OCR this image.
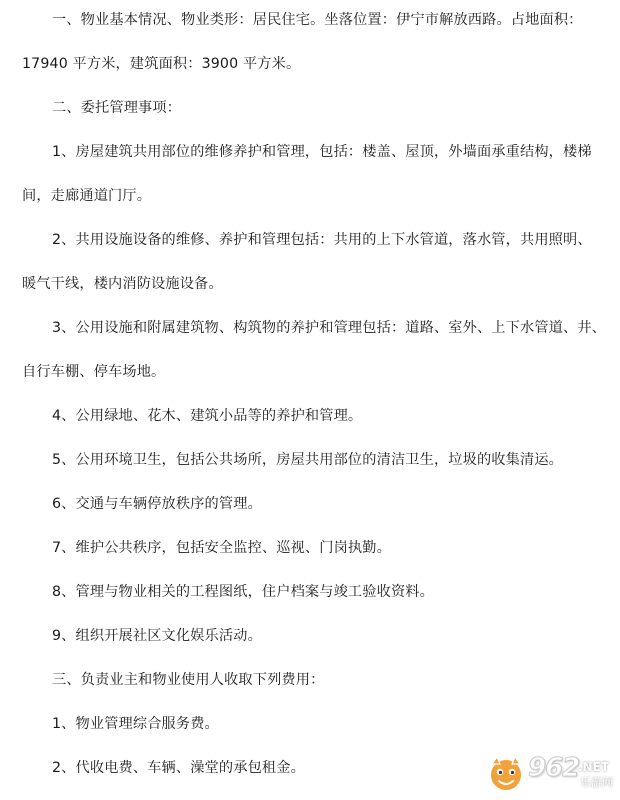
一、物业基本情况、物业类形：居民住宅。坐落位置：伊宁市解放西路。占地面积：
17940 平方米，建筑面积：3900 平方米。
二、委托管理事项：
1、房屋建筑共用部位的维修养护和管理，包括：楼盖、屋顶，外墙面承重结构，楼梯
间，走廊通道门厅。
2、共用设施设备的维修、养护和管理包括：共用的上下水管道，落水管，共用照明、
暖气干线，楼内消防设施设备。
3、公用设施和附属建筑物、构筑物的养护和管理包括：道路、室外、上下水管道、井、
自行车棚、停车场地。
4、公用绿地、花木、建筑小品等的养护和管理。
5、公用环境卫生，包括公共场所，房屋共用部位的清洁卫生，垃圾的收集清运。
6、交通与车辆停放秩序的管理。
7、维护公共秩序，包括安全监控、巡视、门岗执勤。
8、管理与物业相关的工程图纸，住户档案与竣工验收资料。
9、组织开展社区文化娱乐活动。
三、负责业主和物业使用人收取下列费用：
1、物业管理综合服务费。
2、代收电费、车辆、澡堂的承包租金。	962
.NET
乐游网
